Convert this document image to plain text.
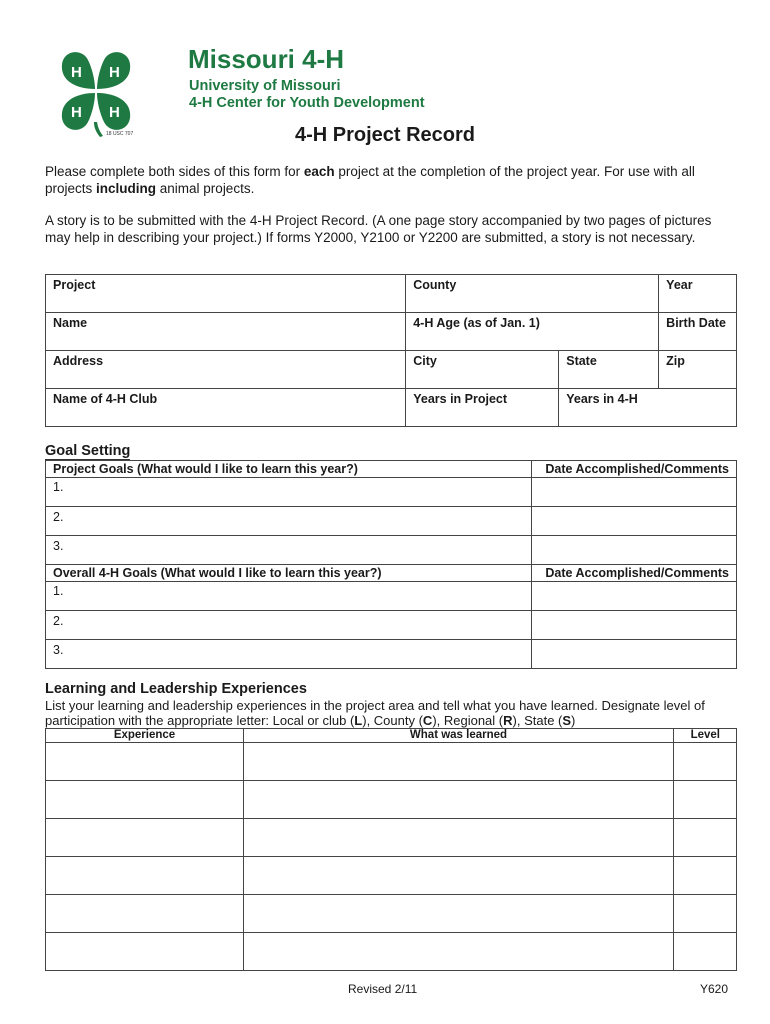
H H
H H
18 USC 707
Missouri 4-H
University of Missouri
4-H Center for Youth Development
4-H Project Record
Please complete both sides of this form for each project at the completion of the project year. For use with all projects including animal projects.
A story is to be submitted with the 4-H Project Record. (A one page story accompanied by two pages of pictures may help in describing your project.) If forms Y2000, Y2100 or Y2200 are submitted, a story is not necessary.
Project	County		Year
Name	4-H Age (as of Jan. 1)		Birth Date
Address	City	State	Zip
Name of 4-H Club	Years in Project	Years in 4-H	
Goal Setting
Project Goals (What would I like to learn this year?)	Date Accomplished/Comments
1.	
2.	
3.	
Overall 4-H Goals (What would I like to learn this year?)	Date Accomplished/Comments
1.	
2.	
3.	
Learning and Leadership Experiences
List your learning and leadership experiences in the project area and tell what you have learned. Designate level of participation with the appropriate letter: Local or club (L), County (C), Regional (R), State (S)
Experience	What was learned	Level

Revised 2/11	Y620
